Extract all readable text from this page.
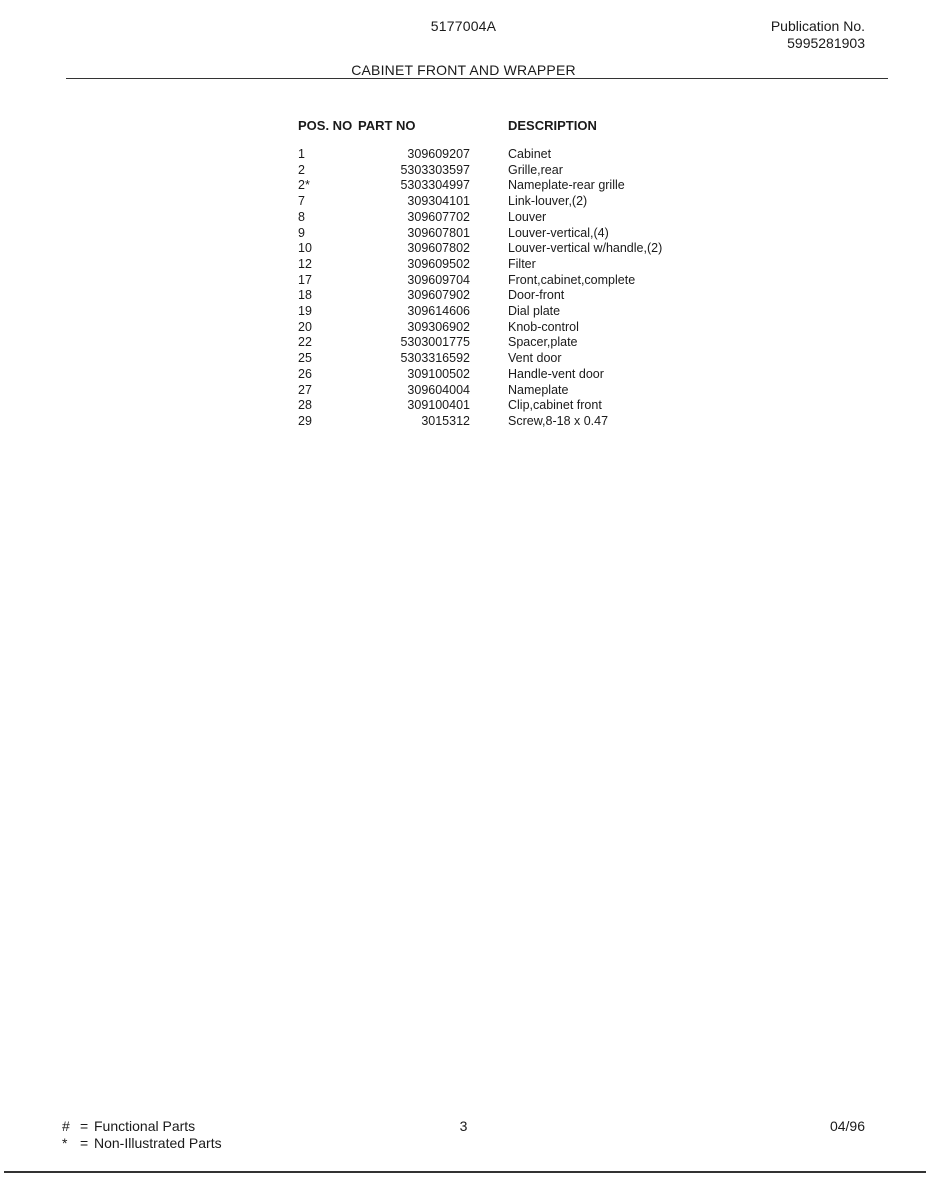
5177004A	Publication No.
5995281903
CABINET FRONT AND WRAPPER
POS. NO	PART NO	DESCRIPTION
1	309609207	Cabinet
2	5303303597	Grille,rear
2*	5303304997	Nameplate-rear grille
7	309304101	Link-louver,(2)
8	309607702	Louver
9	309607801	Louver-vertical,(4)
10	309607802	Louver-vertical w/handle,(2)
12	309609502	Filter
17	309609704	Front,cabinet,complete
18	309607902	Door-front
19	309614606	Dial plate
20	309306902	Knob-control
22	5303001775	Spacer,plate
25	5303316592	Vent door
26	309100502	Handle-vent door
27	309604004	Nameplate
28	309100401	Clip,cabinet front
29	3015312	Screw,8-18 x 0.47
# = Functional Parts
* = Non-Illustrated Parts
3	04/96
